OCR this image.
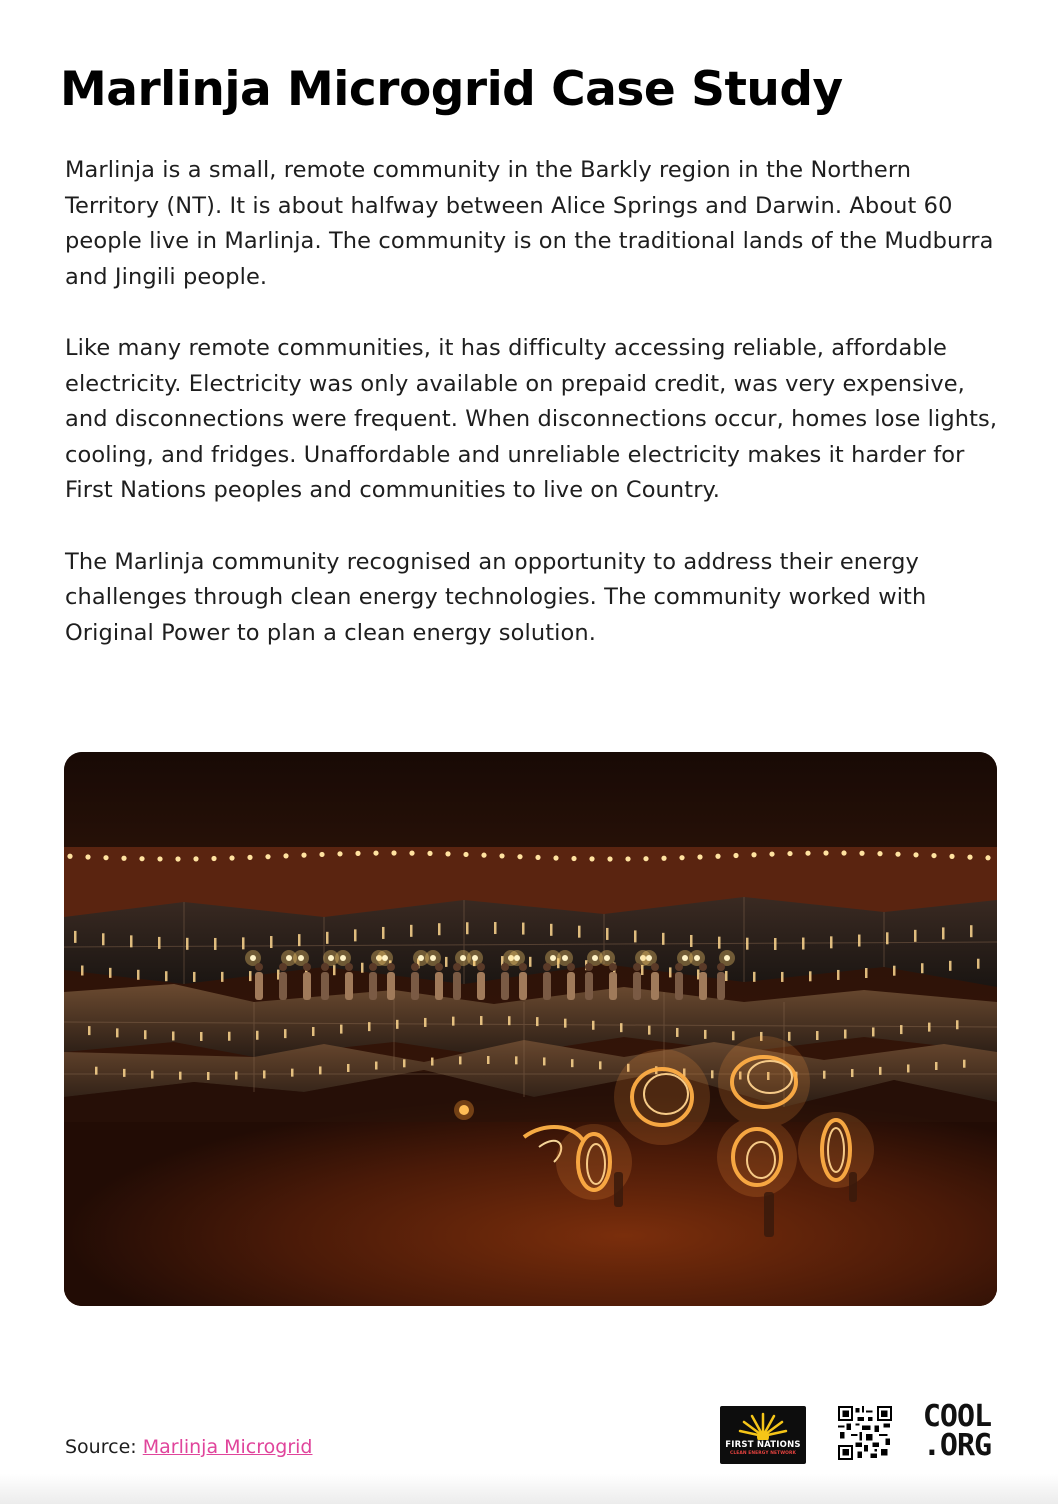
Marlinja Microgrid Case Study

Marlinja is a small, remote community in the Barkly region in the Northern Territory (NT). It is about halfway between Alice Springs and Darwin. About 60 people live in Marlinja. The community is on the traditional lands of the Mudburra and Jingili people.

Like many remote communities, it has difficulty accessing reliable, affordable electricity. Electricity was only available on prepaid credit, was very expensive, and disconnections were frequent. When disconnections occur, homes lose lights, cooling, and fridges. Unaffordable and unreliable electricity makes it harder for First Nations peoples and communities to live on Country.

The Marlinja community recognised an opportunity to address their energy challenges through clean energy technologies. The community worked with Original Power to plan a clean energy solution.

Source: Marlinja Microgrid	FIRST NATIONS
CLEAN ENERGY NETWORK
COOL
.ORG
